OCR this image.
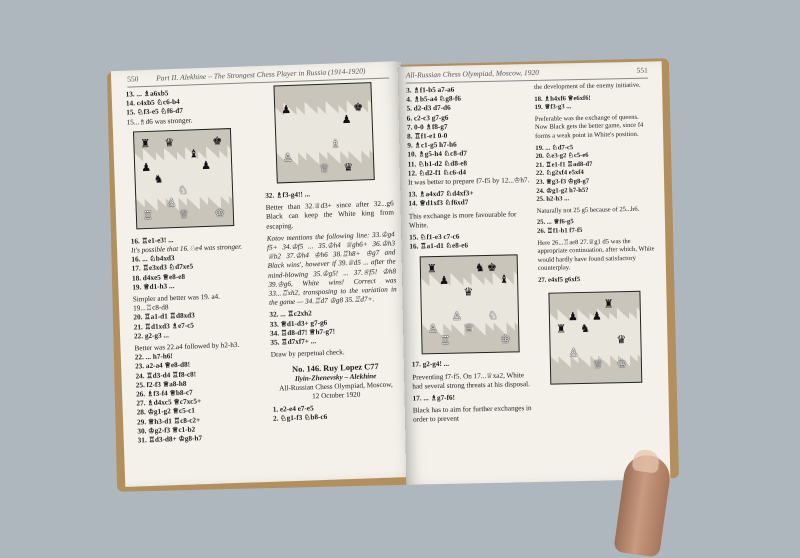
550 Part II. Alekhine – The Strongest Chess Player in Russia (1914-1920)
13. ... ♗a6xb5
14. c4xb5 ♘c6-b4
15. ♘f3-e5 ♘f6-d7
15...♗d6 was stronger.
♜ ♛	♚
♝
♟	♟
♞
♘
♙
♖ ♕ ♔
16. ♖e1-e3! ...
It's possible that 16.♘e4 was stronger.
16. ... ♘b4xd3
17. ♖e3xd3 ♘d7xe5
18. d4xe5 ♕e8-e8
19. ♕d1-h3 ...
Simpler and better was 19. a4.
19...♖c8-d8
20. ♖a1-d1 ♖d8xd3
21. ♖d1xd3 ♗e7-c5
22. g2-g3 ...
Better was 22.a4 followed by h2-h3.
22. ... h7-h6!
23. a2-a4 ♕e8-d8!
24. ♖d3-d4 ♖f8-c8!
25. f2-f3 ♕a8-h8
26. ♗f3-f4 ♕b8-c7
27. ♗d4xc5 ♕c7xc5+
28. ♔g1-g2 ♕c5-c1
29. ♕h3-d1 ♖c8-c2+
30. ♔g2-f3 ♕c1-b2
31. ♖d3-d8+ ♔g8-h7
♟	♚
♟
♗
♙
♕ ♛
32. ♗f3-g4!! ...
Better than 32.♕d3+ since after 32...g6 Black can keep the White king from escaping.
Kotov mentions the following line: 33.♔g4 f5+ 34.♔f5 ... 35.♔h4 ♕gh6+ 36.♔h3 ♕b2 37.♔h4 ♔h6 38.♖h8+ ♔g7 and Black wins', however if 39.♕d5 ... after the mind-blowing 35.♔g5! ... 37.♕f5! ♔h8 39.♔g6, White wins! Correct was 33...♖xh2, transposing to the variation in the game — 34.♖d7 ♔g8 35.♖d7+.
32. ... ♖c2xh2
33. ♕d1-d3+ g7-g6
34. ♖d8-d7! ♕h7-g7!
35. ♖d7xf7+ ...
Draw by perpetual check.
No. 146. Ruy Lopez C77
Ilyin-Zhenevsky – Alekhine
All-Russian Chess Olympiad, Moscow,
12 October 1920
1. e2-e4 e7-e5
2. ♘g1-f3 ♘b8-c6
All-Russian Chess Olympiad, Moscow, 1920	551
3. ♗f1-b5 a7-a6
4. ♗b5-a4 ♘g8-f6
5. d2-d3 d7-d6
6. c2-c3 g7-g6
7. 0-0 ♗f8-g7
8. ♖f1-e1 0-0
9. ♗c1-g5 h7-h6
10. ♗g5-h4 ♘c8-d7
11. ♘b1-d2 ♘d8-e8
12. ♘d2-f1 ♘c6-d4
It was better to prepare f7-f5 by 12...♔h7.
13. ♗a4xd7 ♘d4xf3+
14. ♕d1xf3 ♘f6xd7
This exchange is more favourable for White.
15. ♘f1-e3 c7-c6
16. ♖a1-d1 ♘e8-e6
♜	♞ ♚
♟	♝
♛
♙ ♘
♙ ♕
♖	♔
17. g2-g4! ...
Preventing f7-f5. On 17...♕xa2, White had several strong threats at his disposal.
17. ... ♗g7-f6!
Black has to aim for further exchanges in order to prevent
the development of the enemy initiative.
18. ♗h4xf6 ♕e6xf6!
19. ♕f3-g3 ...
Preferable was the exchange of queens. Now Black gets the better game, since f4 forms a weak point in White's position.
19. ... ♘d7-c5
20. ♘e3-g2 ♘c5-e6
21. ♖e1-f1 ♖ad8-d7
22. ♘g2xf4 e5xf4
23. ♕g3-f3 ♔g8-g7
24. ♔g1-g2 h7-h5?
25. h2-h3 ...
Naturally not 25 g5 because of 25...h6.
25. ... ♕f6-g5
26. ♖f1-h1 f7-f5
Here 26...♖ae8 27.♕g1 d5 was the appropriate continuation, after which, White would hardly have found satisfactory counterplay.
27. e4xf5 g6xf5
♟ ♟
♜
♜ ♞
♛
♙
♕ ♔
